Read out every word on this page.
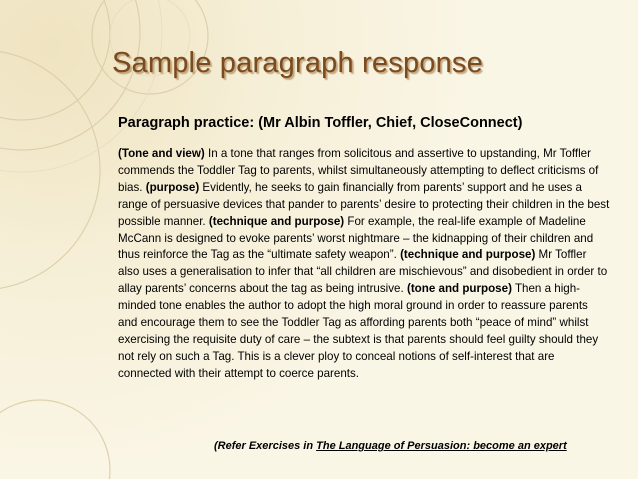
Sample paragraph response
Paragraph practice: (Mr Albin Toffler, Chief, CloseConnect)

(Tone and view) In a tone that ranges from solicitous and assertive to upstanding, Mr Toffler commends the Toddler Tag to parents, whilst simultaneously attempting to deflect criticisms of bias. (purpose) Evidently, he seeks to gain financially from parents’ support and he uses a range of persuasive devices that pander to parents’ desire to protecting their children in the best possible manner. (technique and purpose) For example, the real-life example of Madeline McCann is designed to evoke parents’ worst nightmare – the kidnapping of their children and thus reinforce the Tag as the “ultimate safety weapon”. (technique and purpose) Mr Toffler also uses a generalisation to infer that “all children are mischievous” and disobedient in order to allay parents’ concerns about the tag as being intrusive. (tone and purpose) Then a high-minded tone enables the author to adopt the high moral ground in order to reassure parents and encourage them to see the Toddler Tag as affording parents both “peace of mind” whilst exercising the requisite duty of care – the subtext is that parents should feel guilty should they not rely on such a Tag. This is a clever ploy to conceal notions of self-interest that are connected with their attempt to coerce parents.

(Refer Exercises in The Language of Persuasion: become an expert
